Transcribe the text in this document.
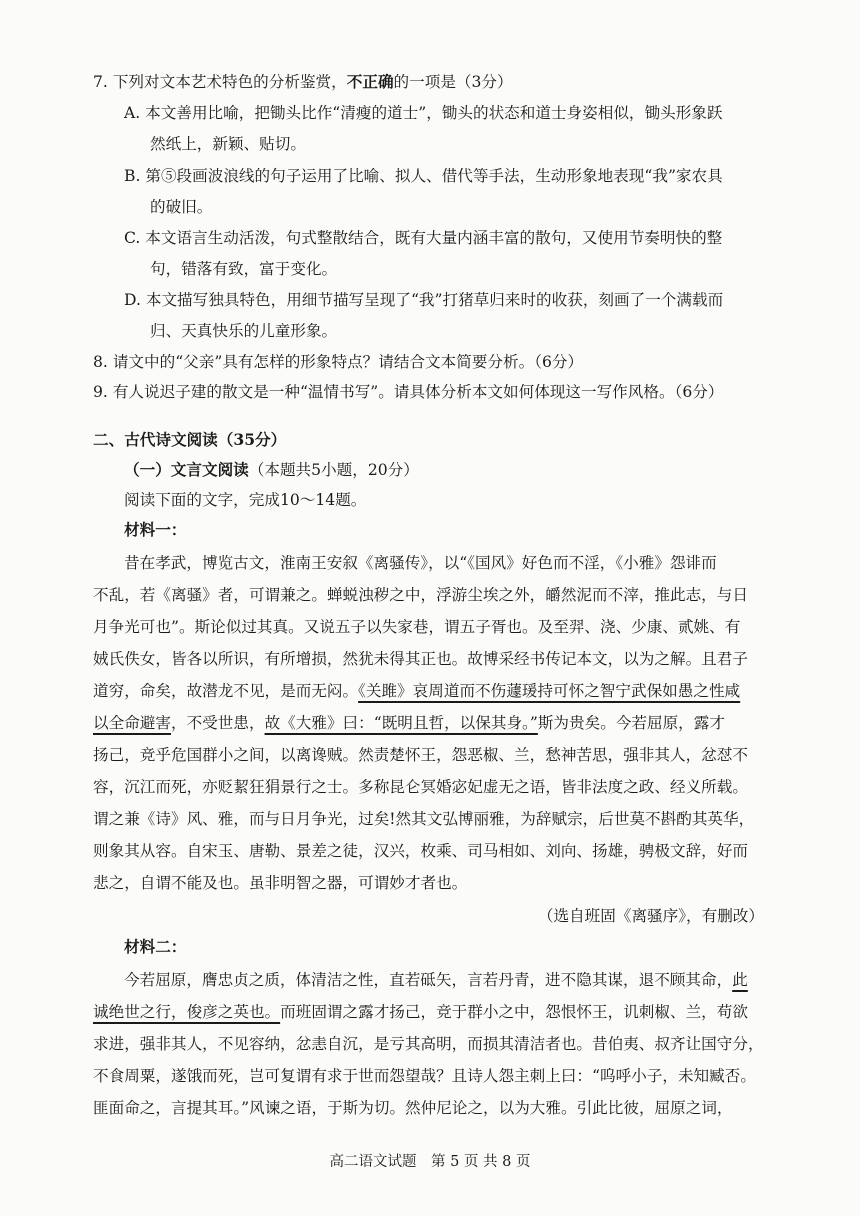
7. 下列对文本艺术特色的分析鉴赏，不正确的一项是（3分）
A. 本文善用比喻，把锄头比作“清瘦的道士”，锄头的状态和道士身姿相似，锄头形象跃
然纸上，新颖、贴切。
B. 第⑤段画波浪线的句子运用了比喻、拟人、借代等手法，生动形象地表现“我”家农具
的破旧。
C. 本文语言生动活泼，句式整散结合，既有大量内涵丰富的散句，又使用节奏明快的整
句，错落有致，富于变化。
D. 本文描写独具特色，用细节描写呈现了“我”打猪草归来时的收获，刻画了一个满载而
归、天真快乐的儿童形象。
8. 请文中的“父亲”具有怎样的形象特点？请结合文本简要分析。（6分）
9. 有人说迟子建的散文是一种“温情书写”。请具体分析本文如何体现这一写作风格。（6分）
二、古代诗文阅读（35分）
（一）文言文阅读（本题共5小题，20分）
阅读下面的文字，完成10～14题。
材料一：
昔在孝武，博览古文，淮南王安叙《离骚传》，以“《国风》好色而不淫，《小雅》怨诽而
不乱，若《离骚》者，可谓兼之。蝉蜕浊秽之中，浮游尘埃之外，皭然泥而不滓，推此志，与日
月争光可也”。斯论似过其真。又说五子以失家巷，谓五子胥也。及至羿、浇、少康、贰姚、有
娀氏佚女，皆各以所识，有所增损，然犹未得其正也。故博采经书传记本文，以为之解。且君子
道穷，命矣，故潜龙不见，是而无闷。《关雎》哀周道而不伤蘧瑗持可怀之智宁武保如愚之性咸
以全命避害，不受世患，故《大雅》曰：“既明且哲，以保其身。”斯为贵矣。今若屈原，露才
扬己，竞乎危国群小之间，以离谗贼。然责楚怀王，怨恶椒、兰，愁神苦思，强非其人，忿怼不
容，沉江而死，亦贬絜狂狷景行之士。多称昆仑冥婚宓妃虚无之语，皆非法度之政、经义所载。
谓之兼《诗》风、雅，而与日月争光，过矣!然其文弘博丽雅，为辞赋宗，后世莫不斟酌其英华，
则象其从容。自宋玉、唐勒、景差之徒，汉兴，枚乘、司马相如、刘向、扬雄，骋极文辞，好而
悲之，自谓不能及也。虽非明智之器，可谓妙才者也。
（选自班固《离骚序》，有删改）
材料二：
今若屈原，膺忠贞之质，体清洁之性，直若砥矢，言若丹青，进不隐其谋，退不顾其命，此
诚绝世之行，俊彦之英也。而班固谓之露才扬己，竞于群小之中，怨恨怀王，讥刺椒、兰，苟欲
求进，强非其人，不见容纳，忿恚自沉，是亏其高明，而损其清洁者也。昔伯夷、叔齐让国守分，
不食周粟，遂饿而死，岂可复谓有求于世而怨望哉？且诗人怨主刺上曰：“呜呼小子，未知臧否。
匪面命之，言提其耳。”风谏之语，于斯为切。然仲尼论之，以为大雅。引此比彼，屈原之词，
高二语文试题　第 5 页 共 8 页
